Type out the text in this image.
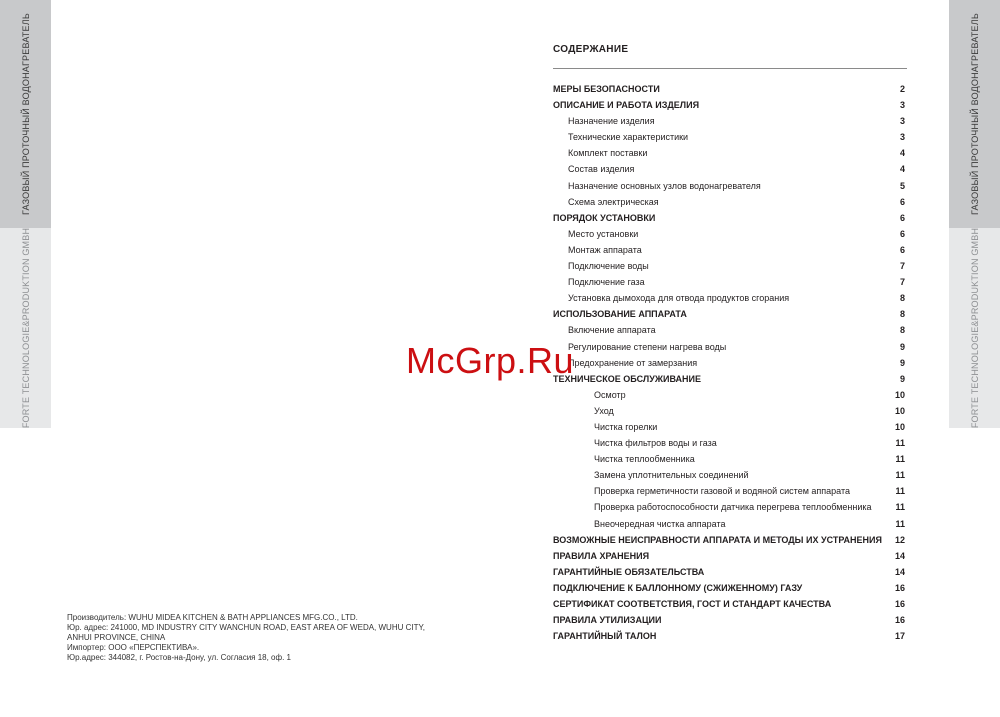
ГАЗОВЫЙ ПРОТОЧНЫЙ ВОДОНАГРЕВАТЕЛЬ
FORTE TECHNOLOGIE&PRODUKTION GMBH
ГАЗОВЫЙ ПРОТОЧНЫЙ ВОДОНАГРЕВАТЕЛЬ
FORTE TECHNOLOGIE&PRODUKTION GMBH
СОДЕРЖАНИЕ
МЕРЫ БЕЗОПАСНОСТИ	2
ОПИСАНИЕ И РАБОТА ИЗДЕЛИЯ	3
Назначение изделия	3
Технические характеристики	3
Комплект поставки	4
Состав изделия	4
Назначение основных узлов водонагревателя	5
Схема электрическая	6
ПОРЯДОК УСТАНОВКИ	6
Место установки	6
Монтаж аппарата	6
Подключение воды	7
Подключение газа	7
Установка дымохода для отвода продуктов сгорания	8
ИСПОЛЬЗОВАНИЕ АППАРАТА	8
Включение аппарата	8
Регулирование степени нагрева воды	9
Предохранение от замерзания	9
ТЕХНИЧЕСКОЕ ОБСЛУЖИВАНИЕ	9
Осмотр	10
Уход	10
Чистка горелки	10
Чистка фильтров воды и газа	11
Чистка теплообменника	11
Замена уплотнительных соединений	11
Проверка герметичности газовой и водяной систем аппарата	11
Проверка работоспособности датчика перегрева теплообменника	11
Внеочередная чистка аппарата	11
ВОЗМОЖНЫЕ НЕИСПРАВНОСТИ АППАРАТА И МЕТОДЫ ИХ УСТРАНЕНИЯ 12
ПРАВИЛА ХРАНЕНИЯ	14
ГАРАНТИЙНЫЕ ОБЯЗАТЕЛЬСТВА	14
ПОДКЛЮЧЕНИЕ К БАЛЛОННОМУ (СЖИЖЕННОМУ) ГАЗУ	16
СЕРТИФИКАТ СООТВЕТСТВИЯ, ГОСТ И СТАНДАРТ КАЧЕСТВА	16
ПРАВИЛА УТИЛИЗАЦИИ	16
ГАРАНТИЙНЫЙ ТАЛОН	17
McGrp.Ru
Производитель: WUHU MIDEA KITCHEN & BATH APPLIANCES MFG.CO., LTD.
Юр. адрес: 241000, MD INDUSTRY CITY WANCHUN ROAD, EAST AREA OF WEDA, WUHU CITY, ANHUI PROVINCE, CHINA
Импортер: ООО «ПЕРСПЕКТИВА».
Юр.адрес: 344082, г. Ростов-на-Дону, ул. Согласия 18, оф. 1
